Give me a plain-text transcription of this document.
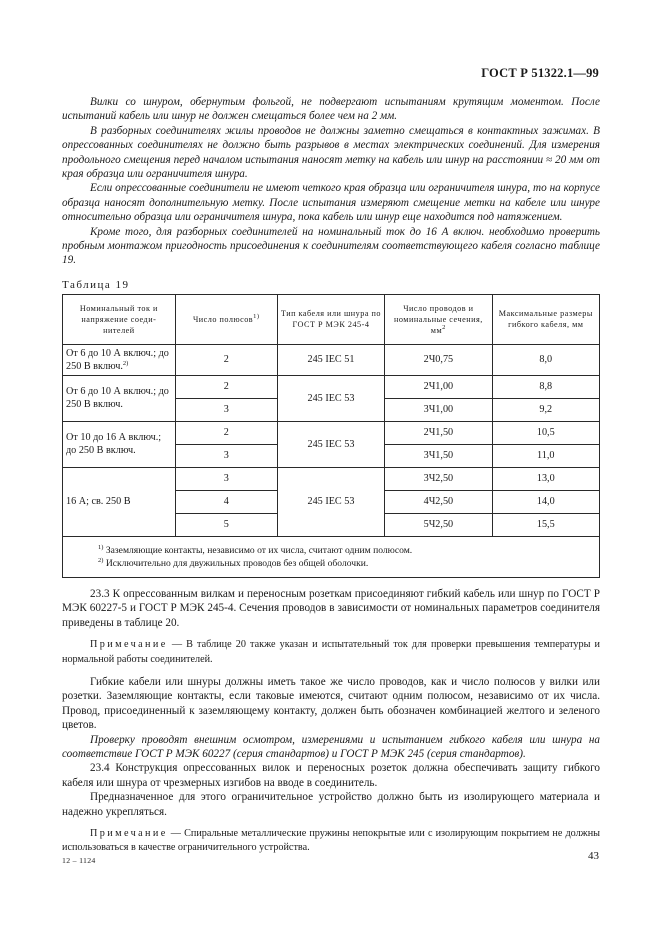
ГОСТ Р 51322.1—99

Вилки со шнуром, обернутым фольгой, не подвергают испытаниям крутящим моментом. После испытаний кабель или шнур не должен смещаться более чем на 2 мм.

В разборных соединителях жилы проводов не должны заметно смещаться в контактных зажимах. В опрессованных соединителях не должно быть разрывов в местах электрических соединений. Для измерения продольного смещения перед началом испытания наносят метку на кабель или шнур на расстоянии ≈ 20 мм от края образца или ограничителя шнура.

Если опрессованные соединители не имеют четкого края образца или ограничителя шнура, то на корпусе образца наносят дополнительную метку. После испытания измеряют смещение метки на кабеле или шнуре относительно образца или ограничителя шнура, пока кабель или шнур еще находится под натяжением.

Кроме того, для разборных соединителей на номинальный ток до 16 А включ. необходимо проверить пробным монтажом пригодность присоединения к соединителям соответствующего кабеля согласно таблице 19.

Таблица 19
Номинальный ток и напряжение соеди-нителей	Число полюсов$^{1)}$	Тип кабеля или шнура по ГОСТ Р МЭК 245-4	Число проводов и номинальные сечения, $мм^2$	Максимальные размеры гибкого кабеля, мм
От 6 до 10 А включ.; до 250 В включ.$^{2)}$	2	245 IEC 51	2Ч0,75	8,0
От 6 до 10 А включ.; до 250 В включ.	2	245 IEC 53	2Ч1,00	8,8
	3		3Ч1,00	9,2
От 10 до 16 А включ.; до 250 В включ.	2	245 IEC 53	2Ч1,50	10,5
	3		3Ч1,50	11,0
16 А; св. 250 В	3	245 IEC 53	3Ч2,50	13,0
	4		4Ч2,50	14,0
	5		5Ч2,50	15,5

$^{1)}$ Заземляющие контакты, независимо от их числа, считают одним полюсом.
$^{2)}$ Исключительно для двужильных проводов без общей оболочки.				

23.3 К опрессованным вилкам и переносным розеткам присоединяют гибкий кабель или шнур по ГОСТ Р МЭК 60227-5 и ГОСТ Р МЭК 245-4. Сечения проводов в зависимости от номинальных параметров соединителя приведены в таблице 20.

Примечание — В таблице 20 также указан и испытательный ток для проверки превышения температуры и нормальной работы соединителей.

Гибкие кабели или шнуры должны иметь такое же число проводов, как и число полюсов у вилки или розетки. Заземляющие контакты, если таковые имеются, считают одним полюсом, независимо от их числа. Провод, присоединенный к заземляющему контакту, должен быть обозначен комбинацией желтого и зеленого цветов.

Проверку проводят внешним осмотром, измерениями и испытанием гибкого кабеля или шнура на соответствие ГОСТ Р МЭК 60227 (серия стандартов) и ГОСТ Р МЭК 245 (серия стандартов).

23.4 Конструкция опрессованных вилок и переносных розеток должна обеспечивать защиту гибкого кабеля или шнура от чрезмерных изгибов на вводе в соединитель.

Предназначенное для этого ограничительное устройство должно быть из изолирующего материала и надежно укрепляться.

Примечание — Спиральные металлические пружины непокрытые или с изолирующим покрытием не должны использоваться в качестве ограничительного устройства.

12 – 1124	43
